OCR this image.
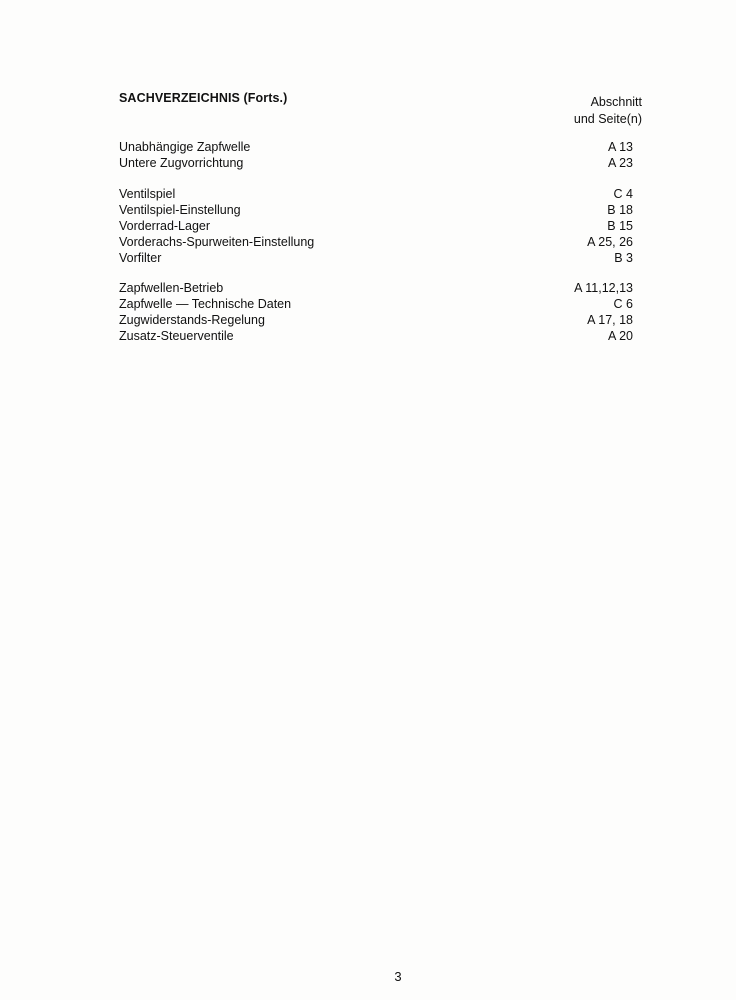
SACHVERZEICHNIS (Forts.)	Abschnitt
und Seite(n)
Unabhängige Zapfwelle	A 13
Untere Zugvorrichtung	A 23
Ventilspiel	C 4
Ventilspiel-Einstellung	B 18
Vorderrad-Lager	B 15
Vorderachs-Spurweiten-Einstellung	A 25, 26
Vorfilter	B 3
Zapfwellen-Betrieb	A 11,12,13
Zapfwelle — Technische Daten	C 6
Zugwiderstands-Regelung	A 17, 18
Zusatz-Steuerventile	A 20
3
